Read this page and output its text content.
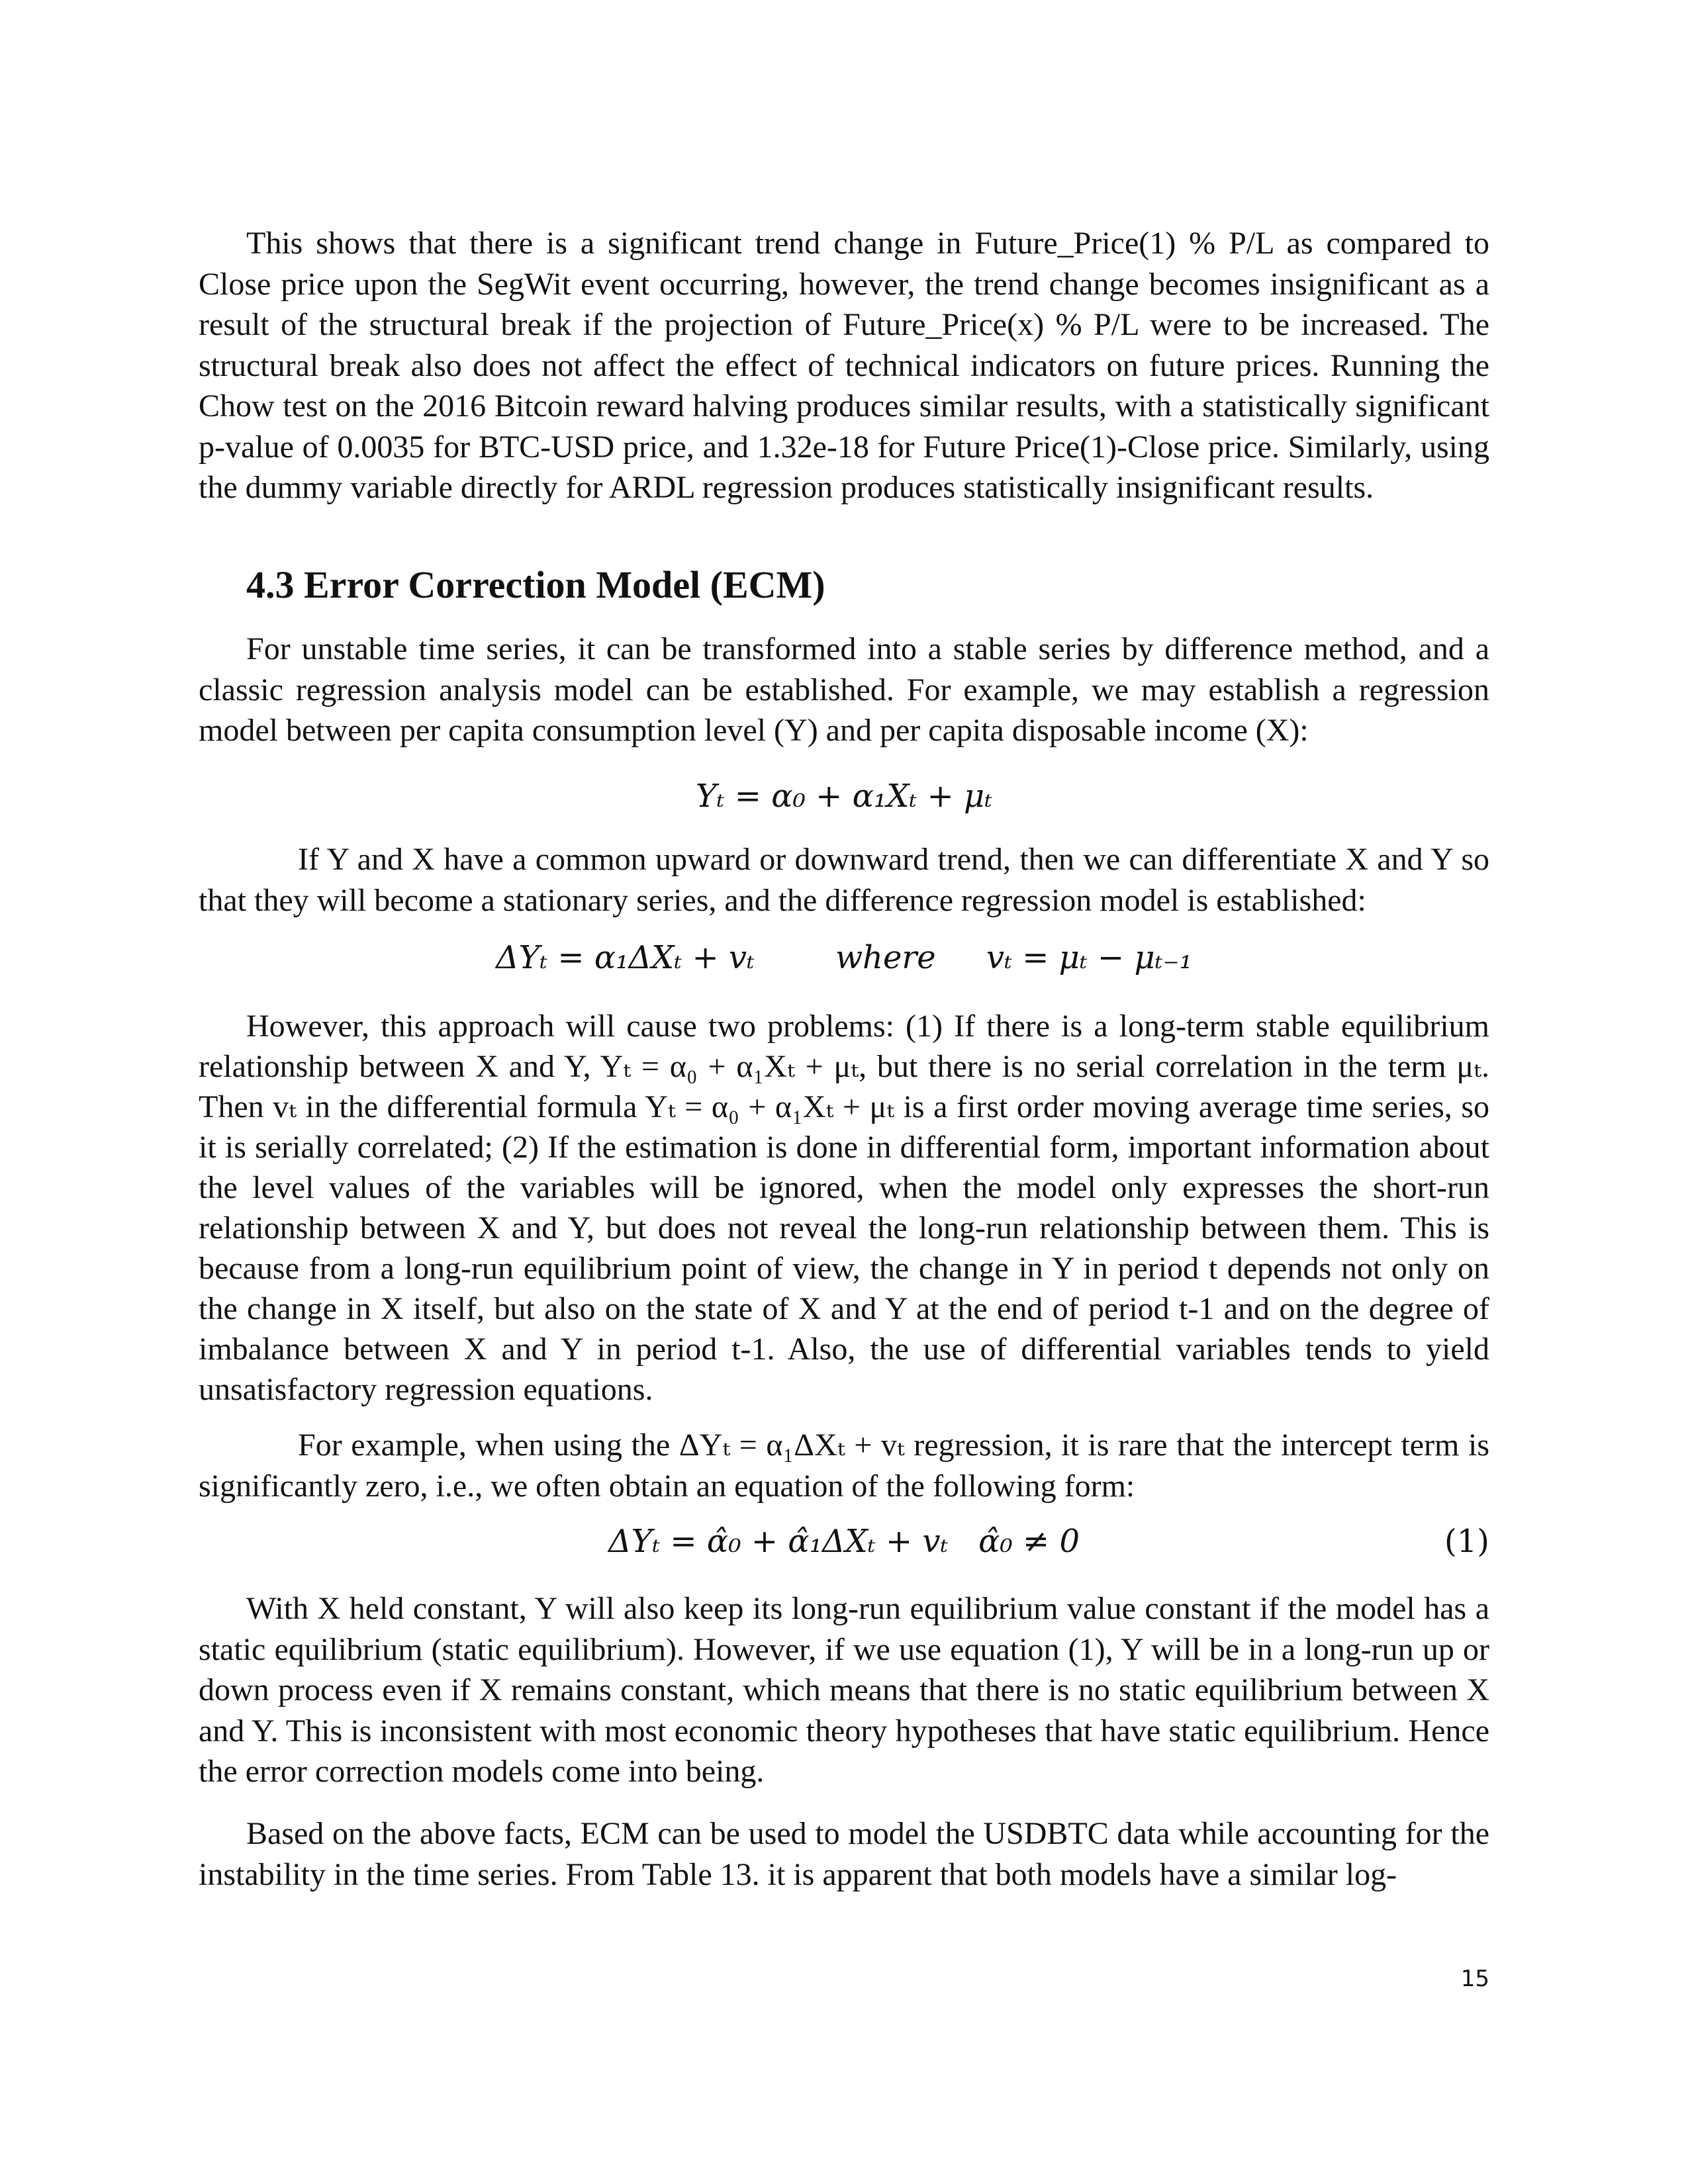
This shows that there is a significant trend change in Future_Price(1) % P/L as compared to Close price upon the SegWit event occurring, however, the trend change becomes insignificant as a result of the structural break if the projection of Future_Price(x) % P/L were to be increased. The structural break also does not affect the effect of technical indicators on future prices. Running the Chow test on the 2016 Bitcoin reward halving produces similar results, with a statistically significant p-value of 0.0035 for BTC-USD price, and 1.32e-18 for Future Price(1)-Close price. Similarly, using the dummy variable directly for ARDL regression produces statistically insignificant results.

4.3 Error Correction Model (ECM)

For unstable time series, it can be transformed into a stable series by difference method, and a classic regression analysis model can be established. For example, we may establish a regression model between per capita consumption level (Y) and per capita disposable income (X):

Yₜ = α₀ + α₁Xₜ + μₜ

If Y and X have a common upward or downward trend, then we can differentiate X and Y so that they will become a stationary series, and the difference regression model is established:

ΔYₜ = α₁ΔXₜ + vₜ        where     vₜ = μₜ − μₜ₋₁

However, this approach will cause two problems: (1) If there is a long-term stable equilibrium relationship between X and Y, Yₜ = α₀ + α₁Xₜ + μₜ, but there is no serial correlation in the term μₜ. Then vₜ in the differential formula Yₜ = α₀ + α₁Xₜ + μₜ is a first order moving average time series, so it is serially correlated; (2) If the estimation is done in differential form, important information about the level values of the variables will be ignored, when the model only expresses the short-run relationship between X and Y, but does not reveal the long-run relationship between them. This is because from a long-run equilibrium point of view, the change in Y in period t depends not only on the change in X itself, but also on the state of X and Y at the end of period t-1 and on the degree of imbalance between X and Y in period t-1. Also, the use of differential variables tends to yield unsatisfactory regression equations.

For example, when using the ΔYₜ = α₁ΔXₜ + vₜ regression, it is rare that the intercept term is significantly zero, i.e., we often obtain an equation of the following form:

ΔYₜ = α̂₀ + α̂₁ΔXₜ + vₜ   α̂₀ ≠ 0	(1)

With X held constant, Y will also keep its long-run equilibrium value constant if the model has a static equilibrium (static equilibrium). However, if we use equation (1), Y will be in a long-run up or down process even if X remains constant, which means that there is no static equilibrium between X and Y. This is inconsistent with most economic theory hypotheses that have static equilibrium. Hence the error correction models come into being.

Based on the above facts, ECM can be used to model the USDBTC data while accounting for the instability in the time series. From Table 13. it is apparent that both models have a similar log-

15
